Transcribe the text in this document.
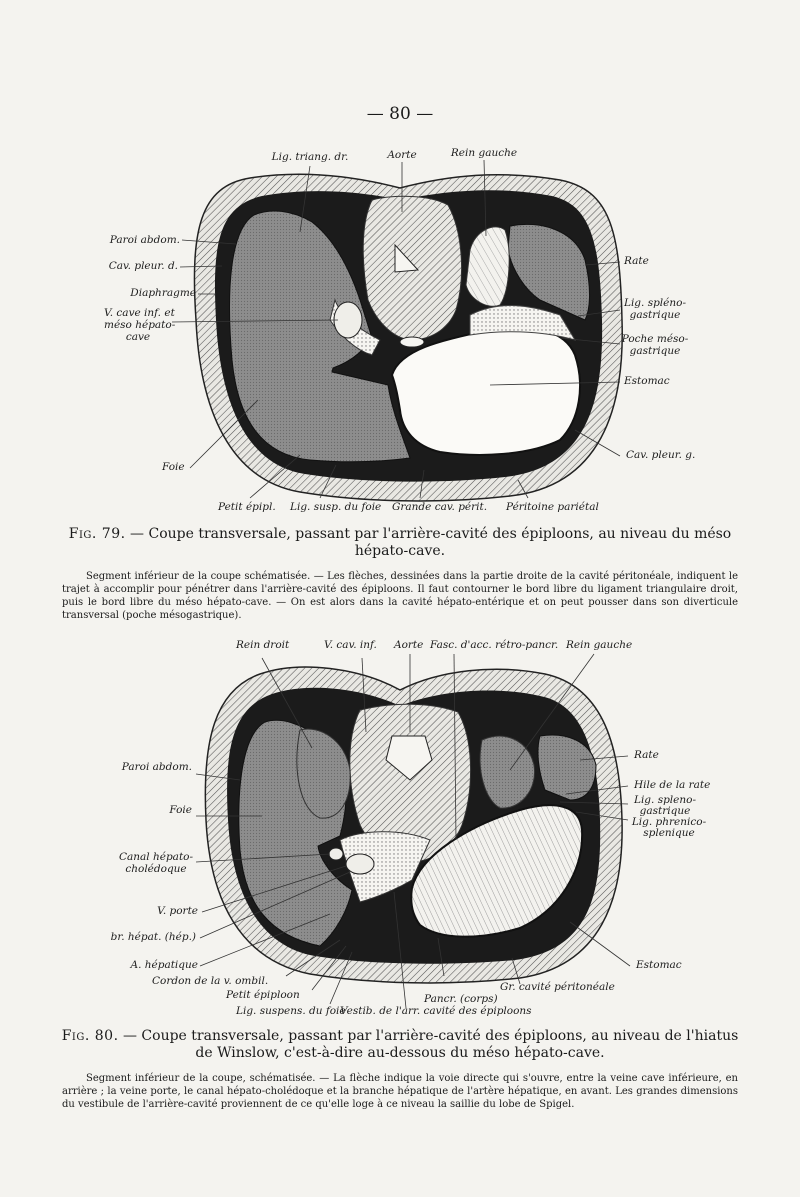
— 80 —
Lig. triang. dr.	Aorte	Rein gauche
Paroi abdom.
Cav. pleur. d.
Diaphragme
V. cave inf. et
méso hépato-
cave
Foie
Rate
Lig. spléno-
gastrique
Poche méso-
gastrique
Estomac
Cav. pleur. g.
Petit épipl. Lig. susp. du foie Grande cav. périt. Péritoine pariétal
Fig. 79. — Coupe transversale, passant par l'arrière-cavité des épiploons, au niveau du méso hépato-cave.
Segment inférieur de la coupe schématisée. — Les flèches, dessinées dans la partie droite de la cavité péritonéale, indiquent le trajet à accomplir pour pénétrer dans l'arrière-cavité des épiploons. Il faut contourner le bord libre du ligament triangulaire droit, puis le bord libre du méso hépato-cave. — On est alors dans la cavité hépato-entérique et on peut pousser dans son diverticule transversal (poche mésogastrique).
Rein droit	V. cav. inf. Aorte Fasc. d'acc. rétro-pancr. Rein gauche
Paroi abdom.
Foie
Canal hépato-
cholédoque
V. porte
br. hépat. (hép.)
A. hépatique
Cordon de la v. ombil.
Petit épiploon
Lig. suspens. du foie
Rate
Hile de la rate
Lig. spleno-
gastrique
Lig. phrenico-
splenique
Estomac
Gr. cavité péritonéale
Pancr. (corps)
Vestib. de l'arr. cavité des épiploons
Fig. 80. — Coupe transversale, passant par l'arrière-cavité des épiploons, au niveau de l'hiatus de Winslow, c'est-à-dire au-dessous du méso hépato-cave.
Segment inférieur de la coupe, schématisée. — La flèche indique la voie directe qui s'ouvre, entre la veine cave inférieure, en arrière ; la veine porte, le canal hépato-cholédoque et la branche hépatique de l'artère hépatique, en avant. Les grandes dimensions du vestibule de l'arrière-cavité proviennent de ce qu'elle loge à ce niveau la saillie du lobe de Spigel.
